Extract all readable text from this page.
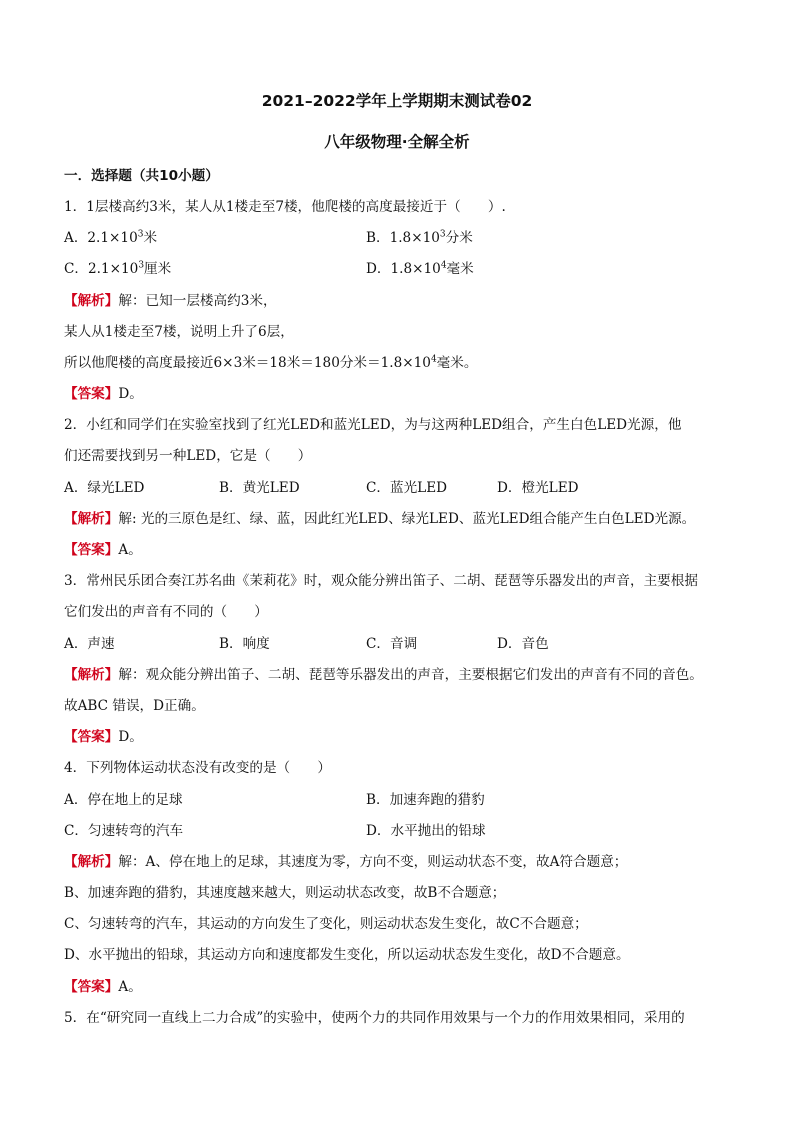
2021–2022学年上学期期末测试卷02
八年级物理·全解全析
一．选择题（共10小题）
1．1层楼高约3米，某人从1楼走至7楼，他爬楼的高度最接近于（　　）.
A．$2.1\times 10^3$米	B．$1.8\times 10^3$分米
C．$2.1\times 10^3$厘米	D．$1.8\times 10^4$毫米
【解析】解：已知一层楼高约3米，
某人从1楼走至7楼，说明上升了6层，
所以他爬楼的高度最接近6×3米＝18米＝180分米$=1.8\times 10^4$毫米。
【答案】D。
2．小红和同学们在实验室找到了红光LED和蓝光LED，为与这两种LED组合，产生白色LED光源，他
们还需要找到另一种LED，它是（　　）
A．绿光LED	B．黄光LED	C．蓝光LED	D．橙光LED
【解析】解: 光的三原色是红、绿、蓝，因此红光LED、绿光LED、蓝光LED组合能产生白色LED光源。
【答案】A。
3．常州民乐团合奏江苏名曲《茉莉花》时，观众能分辨出笛子、二胡、琵琶等乐器发出的声音，主要根据
它们发出的声音有不同的（　　）
A．声速	B．响度	C．音调	D．音色
【解析】解：观众能分辨出笛子、二胡、琵琶等乐器发出的声音，主要根据它们发出的声音有不同的音色。
故ABC 错误，D正确。
【答案】D。
4．下列物体运动状态没有改变的是（　　）
A．停在地上的足球	B．加速奔跑的猎豹
C．匀速转弯的汽车	D．水平抛出的铅球
【解析】解：A、停在地上的足球，其速度为零，方向不变，则运动状态不变，故A符合题意；
B、加速奔跑的猎豹，其速度越来越大，则运动状态改变，故B不合题意；
C、匀速转弯的汽车，其运动的方向发生了变化，则运动状态发生变化，故C不合题意；
D、水平抛出的铅球，其运动方向和速度都发生变化，所以运动状态发生变化，故D不合题意。
【答案】A。
5．在“研究同一直线上二力合成”的实验中，使两个力的共同作用效果与一个力的作用效果相同，采用的
